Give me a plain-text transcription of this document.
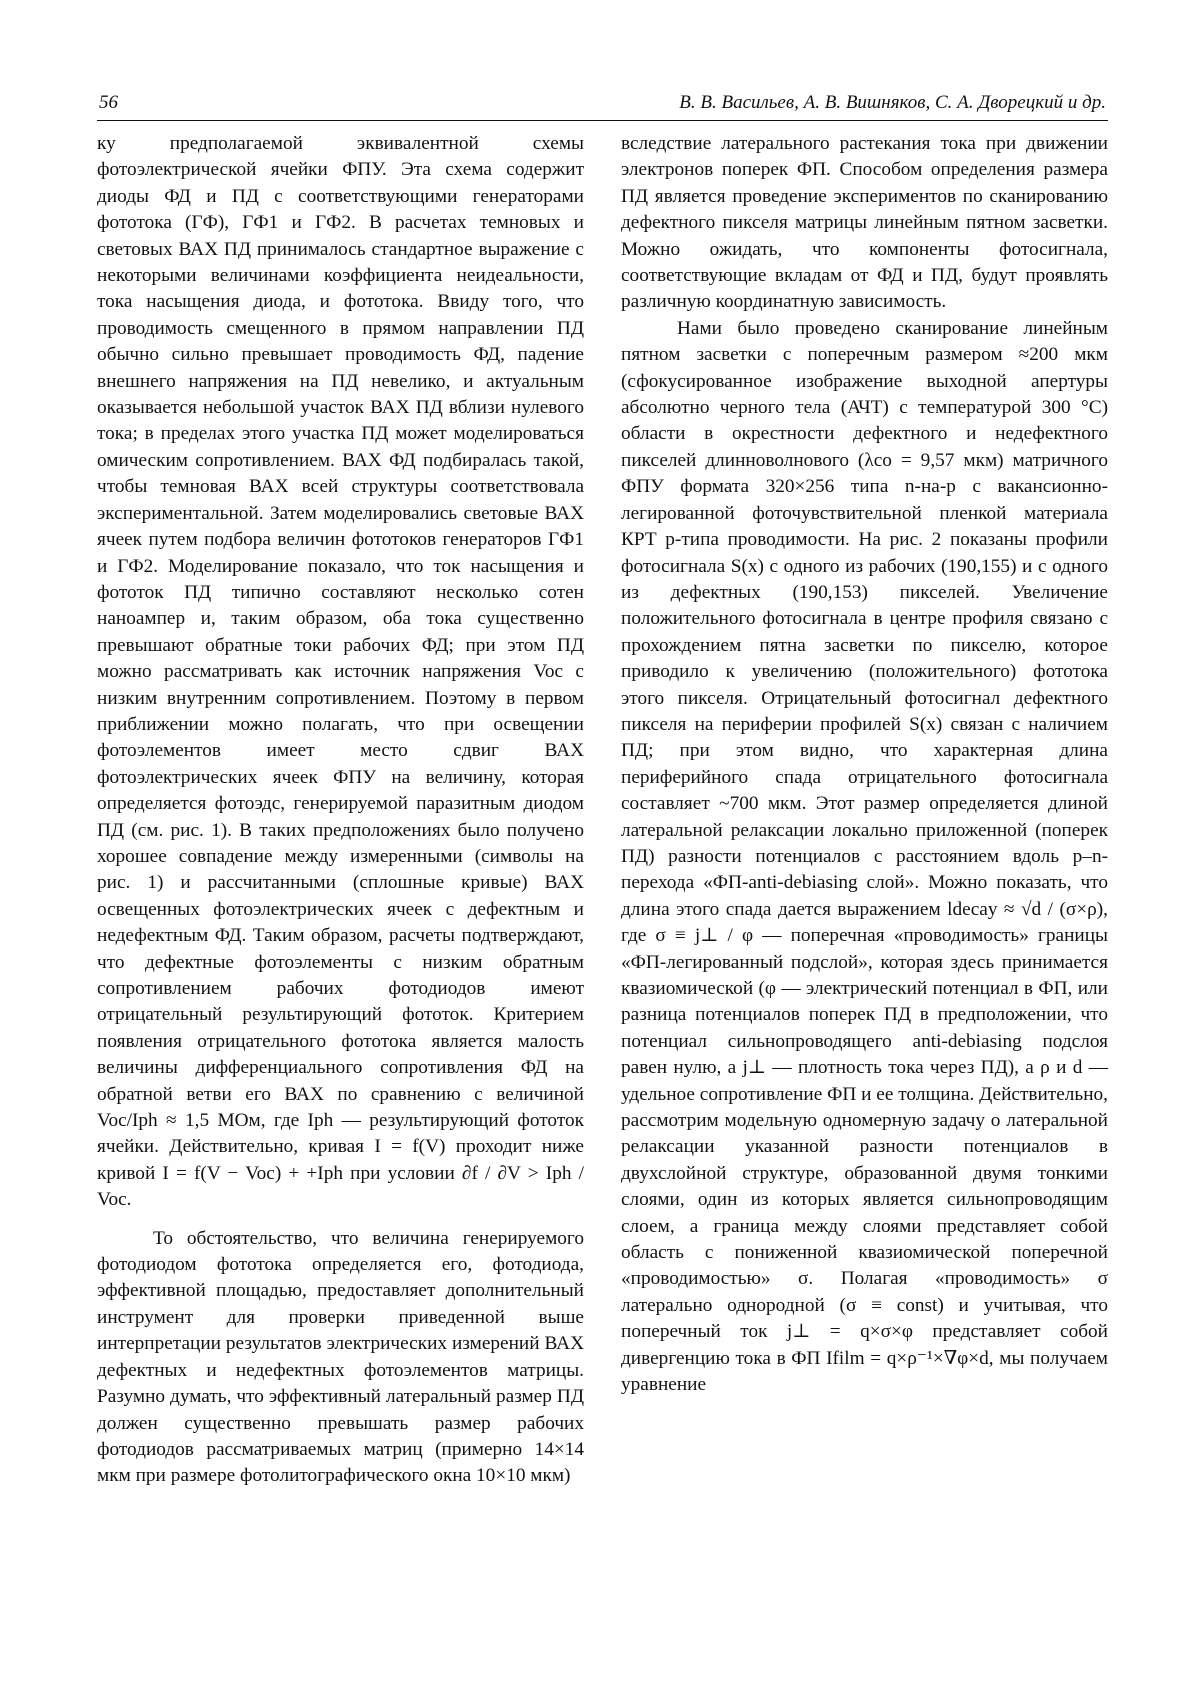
56	В. В. Васильев, А. В. Вишняков, С. А. Дворецкий и др.

ку предполагаемой эквивалентной схемы фотоэлектрической ячейки ФПУ. Эта схема содержит диоды ФД и ПД с соответствующими генераторами фототока (ГФ), ГФ1 и ГФ2. В расчетах темновых и световых ВАХ ПД принималось стандартное выражение с некоторыми величинами коэффициента неидеальности, тока насыщения диода, и фототока. Ввиду того, что проводимость смещенного в прямом направлении ПД обычно сильно превышает проводимость ФД, падение внешнего напряжения на ПД невелико, и актуальным оказывается небольшой участок ВАХ ПД вблизи нулевого тока; в пределах этого участка ПД может моделироваться омическим сопротивлением. ВАХ ФД подбиралась такой, чтобы темновая ВАХ всей структуры соответствовала экспериментальной. Затем моделировались световые ВАХ ячеек путем подбора величин фототоков генераторов ГФ1 и ГФ2. Моделирование показало, что ток насыщения и фототок ПД типично составляют несколько сотен наноампер и, таким образом, оба тока существенно превышают обратные токи рабочих ФД; при этом ПД можно рассматривать как источник напряжения Voc с низким внутренним сопротивлением. Поэтому в первом приближении можно полагать, что при освещении фотоэлементов имеет место сдвиг ВАХ фотоэлектрических ячеек ФПУ на величину, которая определяется фотоэдс, генерируемой паразитным диодом ПД (см. рис. 1). В таких предположениях было получено хорошее совпадение между измеренными (символы на рис. 1) и рассчитанными (сплошные кривые) ВАХ освещенных фотоэлектрических ячеек с дефектным и недефектным ФД. Таким образом, расчеты подтверждают, что дефектные фотоэлементы с низким обратным сопротивлением рабочих фотодиодов имеют отрицательный результирующий фототок. Критерием появления отрицательного фототока является малость величины дифференциального сопротивления ФД на обратной ветви его ВАХ по сравнению с величиной Voc/Iph ≈ 1,5 МОм, где Iph — результирующий фототок ячейки. Действительно, кривая I = f(V) проходит ниже кривой I = f(V − Voc) + +Iph при условии ∂f / ∂V > Iph / Voc.

То обстоятельство, что величина генерируемого фотодиодом фототока определяется его, фотодиода, эффективной площадью, предоставляет дополнительный инструмент для проверки приведенной выше интерпретации результатов электрических измерений ВАХ дефектных и недефектных фотоэлементов матрицы. Разумно думать, что эффективный латеральный размер ПД должен существенно превышать размер рабочих фотодиодов рассматриваемых матриц (примерно 14×14 мкм при размере фотолитографического окна 10×10 мкм)

вследствие латерального растекания тока при движении электронов поперек ФП. Способом определения размера ПД является проведение экспериментов по сканированию дефектного пикселя матрицы линейным пятном засветки. Можно ожидать, что компоненты фотосигнала, соответствующие вкладам от ФД и ПД, будут проявлять различную координатную зависимость.

Нами было проведено сканирование линейным пятном засветки с поперечным размером ≈200 мкм (сфокусированное изображение выходной апертуры абсолютно черного тела (АЧТ) с температурой 300 °С) области в окрестности дефектного и недефектного пикселей длинноволнового (λco = 9,57 мкм) матричного ФПУ формата 320×256 типа n-на-p с вакансионно-легированной фоточувствительной пленкой материала КРТ p-типа проводимости. На рис. 2 показаны профили фотосигнала S(x) с одного из рабочих (190,155) и с одного из дефектных (190,153) пикселей. Увеличение положительного фотосигнала в центре профиля связано с прохождением пятна засветки по пикселю, которое приводило к увеличению (положительного) фототока этого пикселя. Отрицательный фотосигнал дефектного пикселя на периферии профилей S(x) связан с наличием ПД; при этом видно, что характерная длина периферийного спада отрицательного фотосигнала составляет ~700 мкм. Этот размер определяется длиной латеральной релаксации локально приложенной (поперек ПД) разности потенциалов с расстоянием вдоль p–n-перехода «ФП-anti-debiasing слой». Можно показать, что длина этого спада дается выражением ldecay ≈ √d / (σ×ρ), где σ ≡ j⊥ / φ — поперечная «проводимость» границы «ФП-легированный подслой», которая здесь принимается квазиомической (φ — электрический потенциал в ФП, или разница потенциалов поперек ПД в предположении, что потенциал сильнопроводящего anti-debiasing подслоя равен нулю, а j⊥ — плотность тока через ПД), а ρ и d — удельное сопротивление ФП и ее толщина. Действительно, рассмотрим модельную одномерную задачу о латеральной релаксации указанной разности потенциалов в двухслойной структуре, образованной двумя тонкими слоями, один из которых является сильнопроводящим слоем, а граница между слоями представляет собой область с пониженной квазиомической поперечной «проводимостью» σ. Полагая «проводимость» σ латерально однородной (σ ≡ const) и учитывая, что поперечный ток j⊥ = q×σ×φ представляет собой дивергенцию тока в ФП Ifilm = q×ρ⁻¹×∇φ×d, мы получаем уравнение
